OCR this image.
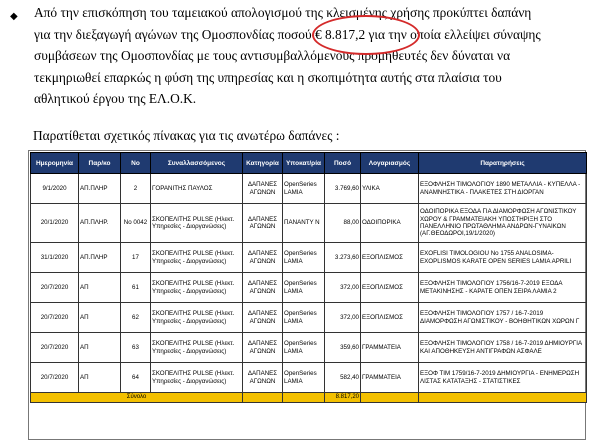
◆ Από την επισκόπηση του ταμειακού απολογισμού της κλεισμένης χρήσης προκύπτει δαπάνη
για την διεξαγωγή αγώνων της Ομοσπονδίας ποσού € 8.817,2 για την οποία ελλείψει σύναψης
συμβάσεων της Ομοσπονδίας με τους αντισυμβαλλόμενους προμηθευτές δεν δύναται να
τεκμηριωθεί επαρκώς η φύση της υπηρεσίας και η σκοπιμότητα αυτής στα πλαίσια του
αθλητικού έργου της ΕΛ.Ο.Κ.
Παρατίθεται σχετικός πίνακας για τις ανωτέρω δαπάνες :
Ημερομηνία	Παρ/κο	Νο	Συναλλασσόμενος	Κατηγορία	Υποκατ/ρία	Ποσό	Λογαριασμός	Παρατηρήσεις
9/1/2020	ΑΠ.ΠΛΗΡ	2	ΓΟΡΑΝΙΤΗΣ ΠΑΥΛΟΣ	ΔΑΠΑΝΕΣ ΑΓΩΝΩΝ	OpenSeries LAMIA	3.769,60	ΥΛΙΚΑ	ΕΞΟΦΛΗΣΗ ΤΙΜΟΛΟΓΙΟΥ 1890 ΜΕΤΑΛΛΙΑ - ΚΥΠΕΛΛΑ - ΑΝΑΜΝΗΣΤΙΚΑ - ΠΛΑΚΕΤΕΣ ΣΤΗ ΔΙΟΡΓΑΝ
20/1/2020	ΑΠ.ΠΛΗΡ.	Νο 0042	ΣΚΟΠΕΛΙΤΗΣ PULSE (Ηλεκτ. Υπηρεσίες - Διοργανώσεις)	ΔΑΠΑΝΕΣ ΑΓΩΝΩΝ	ΠΑΝΑΝΤΥ Ν	88,00	ΟΔΟΙΠΟΡΙΚΑ	ΟΔΟΙΠΟΡΙΚΑ ΕΞΟΔΑ ΓΙΑ ΔΙΑΜΟΡΦΩΣΗ ΑΓΩΝΙΣΤΙΚΟΥ ΧΩΡΟΥ & ΓΡΑΜΜΑΤΕΙΑΚΗ ΥΠΟΣΤΗΡΙΞΗ ΣΤΟ ΠΑΝΕΛΛΗΝΙΟ ΠΡΩΤΑΘΛΗΜΑ ΑΝΔΡΩΝ-ΓΥΝΑΙΚΩΝ (ΑΓ.ΘΕΟΔΩΡΟΙ,19/1/2020)
31/1/2020	ΑΠ.ΠΛΗΡ	17	ΣΚΟΠΕΛΙΤΗΣ PULSE (Ηλεκτ. Υπηρεσίες - Διοργανώσεις)	ΔΑΠΑΝΕΣ ΑΓΩΝΩΝ	OpenSeries LAMIA	3.273,60	ΕΞΟΠΛΙΣΜΟΣ	EXOFLISI TIMOLOGIOU No 1755 ANALOSIMA-EXOPLISMOS KARATE OPEN SERIES LAMIA APRILI
20/7/2020	ΑΠ	61	ΣΚΟΠΕΛΙΤΗΣ PULSE (Ηλεκτ. Υπηρεσίες - Διοργανώσεις)	ΔΑΠΑΝΕΣ ΑΓΩΝΩΝ	OpenSeries LAMIA	372,00	ΕΞΟΠΛΙΣΜΟΣ	ΕΞΟΦΛΗΣΗ ΤΙΜΟΛΟΓΙΟΥ 1756/16-7-2019 ΕΞΟΔΑ ΜΕΤΑΚΙΝΗΣΗΣ - ΚΑΡΑΤΕ ΟΠΕΝ ΣΕΙΡΑ ΛΑΜΙΑ 2
20/7/2020	ΑΠ	62	ΣΚΟΠΕΛΙΤΗΣ PULSE (Ηλεκτ. Υπηρεσίες - Διοργανώσεις)	ΔΑΠΑΝΕΣ ΑΓΩΝΩΝ	OpenSeries LAMIA	372,00	ΕΞΟΠΛΙΣΜΟΣ	ΕΞΟΦΛΗΣΗ ΤΙΜΟΛΟΓΙΟΥ 1757 / 16-7-2019 ΔΙΑΜΟΡΦΩΣΗ ΑΓΩΝΙΣΤΙΚΟΥ - ΒΟΗΘΗΤΙΚΩΝ ΧΩΡΩΝ Γ
20/7/2020	ΑΠ	63	ΣΚΟΠΕΛΙΤΗΣ PULSE (Ηλεκτ. Υπηρεσίες - Διοργανώσεις)	ΔΑΠΑΝΕΣ ΑΓΩΝΩΝ	OpenSeries LAMIA	359,60	ΓΡΑΜΜΑΤΕΙΑ	ΕΞΟΦΛΗΣΗ ΤΙΜΟΛΟΓΙΟΥ 1758 / 16-7-2019 ΔΗΜΙΟΥΡΓΙΑ ΚΑΙ ΑΠΟΘΗΚΕΥΣΗ ΑΝΤΙΓΡΑΦΩΝ ΑΣΦΑΛΕ
20/7/2020	ΑΠ	64	ΣΚΟΠΕΛΙΤΗΣ PULSE (Ηλεκτ. Υπηρεσίες - Διοργανώσεις)	ΔΑΠΑΝΕΣ ΑΓΩΝΩΝ	OpenSeries LAMIA	582,40	ΓΡΑΜΜΑΤΕΙΑ	ΕΞΟΦ ΤΙΜ 1759/16-7-2019 ΔΗΜΙΟΥΡΓΙΑ - ΕΝΗΜΕΡΩΣΗ ΛΙΣΤΑΣ ΚΑΤΑΤΑΞΗΣ - ΣΤΑΤΙΣΤΙΚΕΣ
Σύνολο						8.817,20		
